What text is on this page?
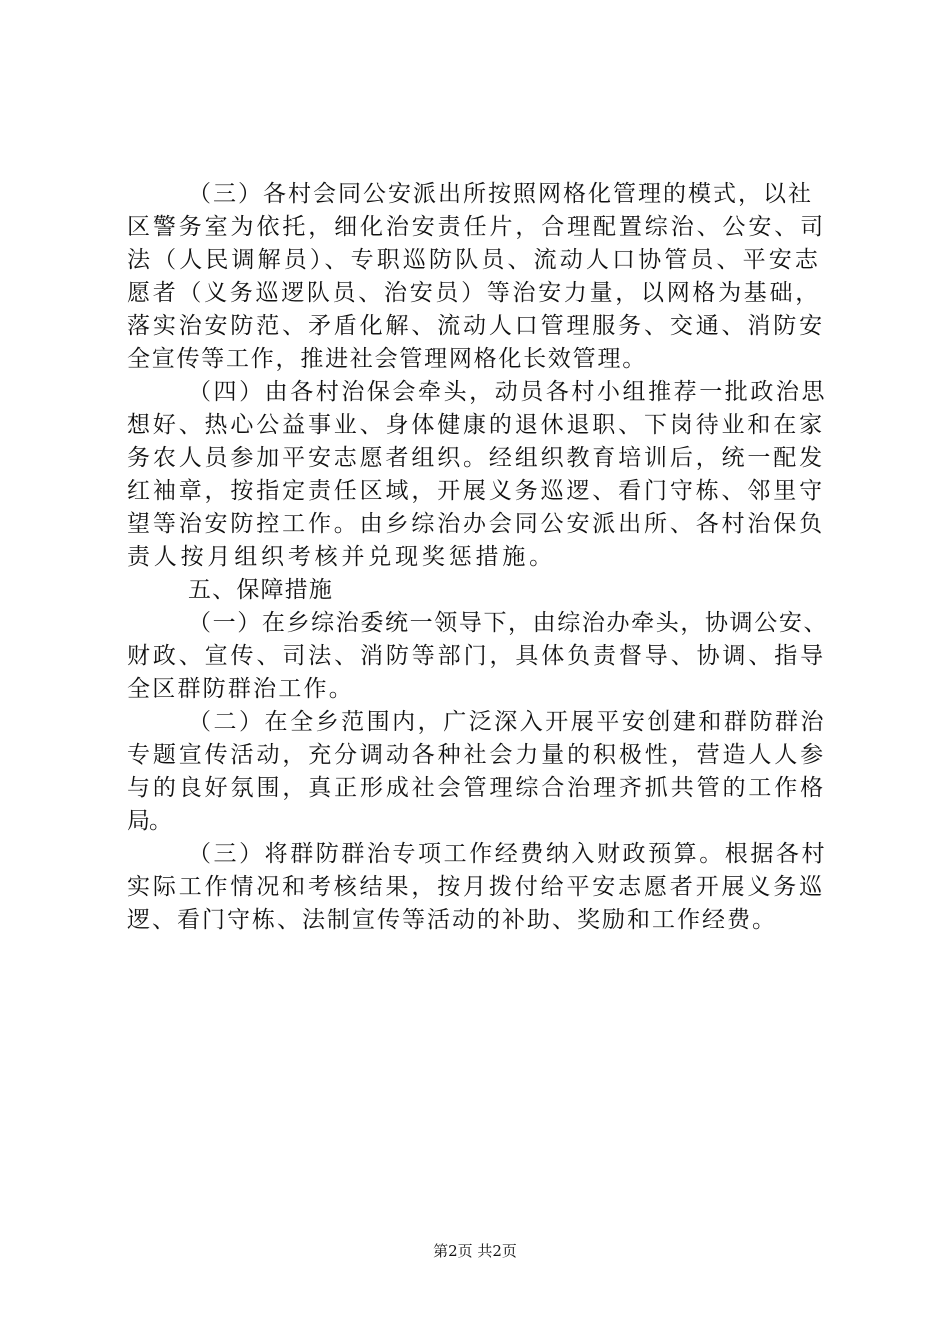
（三）各村会同公安派出所按照网格化管理的模式，以社
区警务室为依托，细化治安责任片，合理配置综治、公安、司
法（人民调解员）、专职巡防队员、流动人口协管员、平安志
愿者（义务巡逻队员、治安员）等治安力量，以网格为基础，
落实治安防范、矛盾化解、流动人口管理服务、交通、消防安
全宣传等工作，推进社会管理网格化长效管理。
（四）由各村治保会牵头，动员各村小组推荐一批政治思
想好、热心公益事业、身体健康的退休退职、下岗待业和在家
务农人员参加平安志愿者组织。经组织教育培训后，统一配发
红袖章，按指定责任区域，开展义务巡逻、看门守栋、邻里守
望等治安防控工作。由乡综治办会同公安派出所、各村治保负
责人按月组织考核并兑现奖惩措施。
五、保障措施
（一）在乡综治委统一领导下，由综治办牵头，协调公安、
财政、宣传、司法、消防等部门，具体负责督导、协调、指导
全区群防群治工作。
（二）在全乡范围内，广泛深入开展平安创建和群防群治
专题宣传活动，充分调动各种社会力量的积极性，营造人人参
与的良好氛围，真正形成社会管理综合治理齐抓共管的工作格
局。
（三）将群防群治专项工作经费纳入财政预算。根据各村
实际工作情况和考核结果，按月拨付给平安志愿者开展义务巡
逻、看门守栋、法制宣传等活动的补助、奖励和工作经费。
第2页 共2页
